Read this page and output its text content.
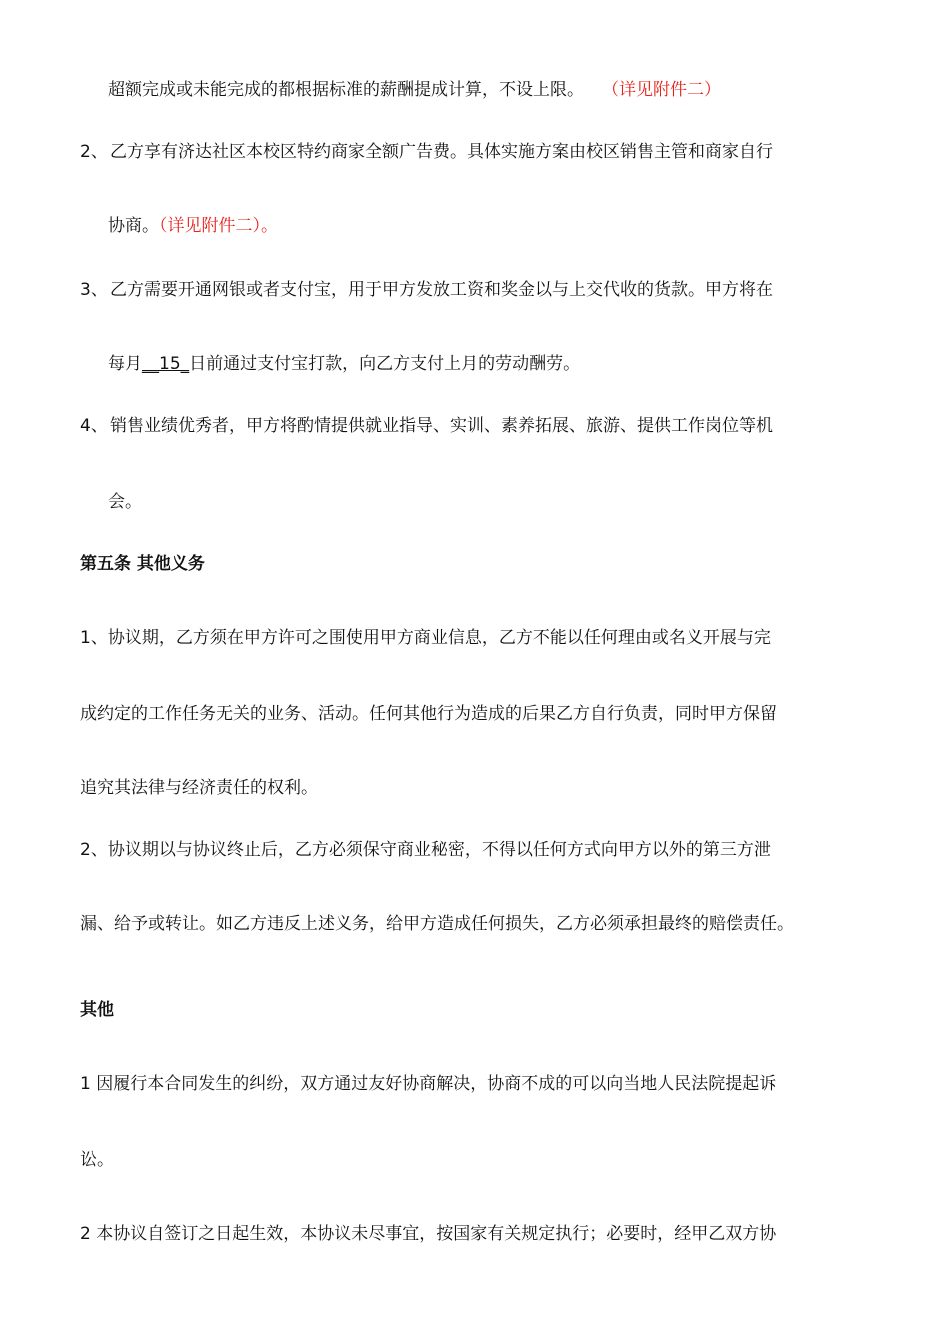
超额完成或未能完成的都根据标准的薪酬提成计算，不设上限。 （详见附件二）
2、 乙方享有济达社区本校区特约商家全额广告费。具体实施方案由校区销售主管和商家自行
协商。（详见附件二）。
3、 乙方需要开通网银或者支付宝，用于甲方发放工资和奖金以与上交代收的货款。甲方将在
每月__15_日前通过支付宝打款，向乙方支付上月的劳动酬劳。
4、 销售业绩优秀者，甲方将酌情提供就业指导、实训、素养拓展、旅游、提供工作岗位等机
会。
第五条 其他义务
1、协议期，乙方须在甲方许可之围使用甲方商业信息，乙方不能以任何理由或名义开展与完
成约定的工作任务无关的业务、活动。任何其他行为造成的后果乙方自行负责，同时甲方保留
追究其法律与经济责任的权利。
2、协议期以与协议终止后，乙方必须保守商业秘密，不得以任何方式向甲方以外的第三方泄
漏、给予或转让。如乙方违反上述义务，给甲方造成任何损失，乙方必须承担最终的赔偿责任。
其他
1 因履行本合同发生的纠纷，双方通过友好协商解决，协商不成的可以向当地人民法院提起诉
讼。
2 本协议自签订之日起生效，本协议未尽事宜，按国家有关规定执行；必要时，经甲乙双方协
